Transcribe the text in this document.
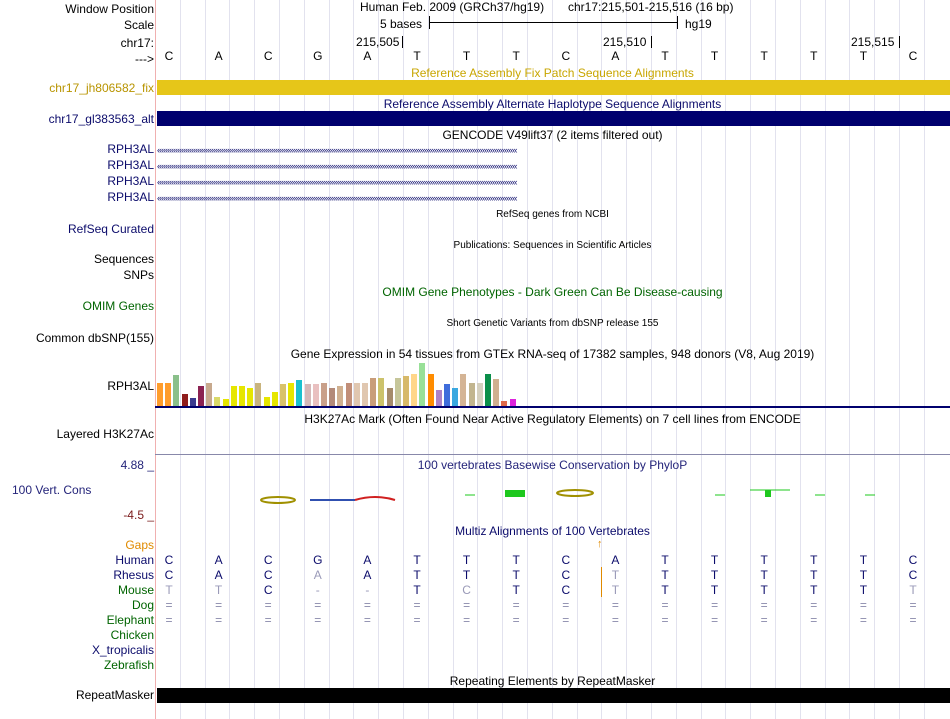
Window Position
Scale
chr17:
--->
Human Feb. 2009 (GRCh37/hg19) chr17:215,501-215,516 (16 bp)
5 bases	hg19
215,505	215,510	215,515
C	A	C	G	A	T	T	T	C	A	T	T	T	T	T	C
Reference Assembly Fix Patch Sequence Alignments
chr17_jh806582_fix
Reference Assembly Alternate Haplotype Sequence Alignments
chr17_gl383563_alt
GENCODE V49lift37 (2 items filtered out)
RPH3AL
RPH3AL
RPH3AL
RPH3AL
‹‹‹‹‹‹‹‹‹‹‹‹‹‹‹‹‹‹‹‹‹‹‹‹‹‹‹‹‹‹‹‹‹‹‹‹‹‹‹‹‹‹‹‹‹‹‹‹‹‹‹‹‹‹‹‹‹‹‹‹‹‹‹‹‹‹‹‹‹‹‹‹‹‹‹‹‹‹‹‹‹‹‹‹‹‹‹‹‹‹‹‹‹‹‹‹‹‹‹‹‹‹‹‹‹‹‹‹‹‹‹‹‹‹‹‹‹‹‹‹‹‹‹‹‹‹‹‹‹‹‹‹‹‹‹‹‹‹‹‹‹‹‹‹‹‹‹‹‹‹‹‹‹‹‹‹‹‹‹‹‹‹‹‹‹‹‹‹‹‹‹‹‹‹‹‹‹‹‹‹
‹‹‹‹‹‹‹‹‹‹‹‹‹‹‹‹‹‹‹‹‹‹‹‹‹‹‹‹‹‹‹‹‹‹‹‹‹‹‹‹‹‹‹‹‹‹‹‹‹‹‹‹‹‹‹‹‹‹‹‹‹‹‹‹‹‹‹‹‹‹‹‹‹‹‹‹‹‹‹‹‹‹‹‹‹‹‹‹‹‹‹‹‹‹‹‹‹‹‹‹‹‹‹‹‹‹‹‹‹‹‹‹‹‹‹‹‹‹‹‹‹‹‹‹‹‹‹‹‹‹‹‹‹‹‹‹‹‹‹‹‹‹‹‹‹‹‹‹‹‹‹‹‹‹‹‹‹‹‹‹‹‹‹‹‹‹‹‹‹‹‹‹‹‹‹‹‹‹‹‹
‹‹‹‹‹‹‹‹‹‹‹‹‹‹‹‹‹‹‹‹‹‹‹‹‹‹‹‹‹‹‹‹‹‹‹‹‹‹‹‹‹‹‹‹‹‹‹‹‹‹‹‹‹‹‹‹‹‹‹‹‹‹‹‹‹‹‹‹‹‹‹‹‹‹‹‹‹‹‹‹‹‹‹‹‹‹‹‹‹‹‹‹‹‹‹‹‹‹‹‹‹‹‹‹‹‹‹‹‹‹‹‹‹‹‹‹‹‹‹‹‹‹‹‹‹‹‹‹‹‹‹‹‹‹‹‹‹‹‹‹‹‹‹‹‹‹‹‹‹‹‹‹‹‹‹‹‹‹‹‹‹‹‹‹‹‹‹‹‹‹‹‹‹‹‹‹‹‹‹‹
‹‹‹‹‹‹‹‹‹‹‹‹‹‹‹‹‹‹‹‹‹‹‹‹‹‹‹‹‹‹‹‹‹‹‹‹‹‹‹‹‹‹‹‹‹‹‹‹‹‹‹‹‹‹‹‹‹‹‹‹‹‹‹‹‹‹‹‹‹‹‹‹‹‹‹‹‹‹‹‹‹‹‹‹‹‹‹‹‹‹‹‹‹‹‹‹‹‹‹‹‹‹‹‹‹‹‹‹‹‹‹‹‹‹‹‹‹‹‹‹‹‹‹‹‹‹‹‹‹‹‹‹‹‹‹‹‹‹‹‹‹‹‹‹‹‹‹‹‹‹‹‹‹‹‹‹‹‹‹‹‹‹‹‹‹‹‹‹‹‹‹‹‹‹‹‹‹‹‹‹
RefSeq genes from NCBI
RefSeq Curated
Publications: Sequences in Scientific Articles
Sequences
SNPs
OMIM Gene Phenotypes - Dark Green Can Be Disease-causing
OMIM Genes
Short Genetic Variants from dbSNP release 155
Common dbSNP(155)
Gene Expression in 54 tissues from GTEx RNA-seq of 17382 samples, 948 donors (V8, Aug 2019)
RPH3AL
H3K27Ac Mark (Often Found Near Active Regulatory Elements) on 7 cell lines from ENCODE
Layered H3K27Ac
100 vertebrates Basewise Conservation by PhyloP
4.88 _
100 Vert. Cons
-4.5 _
Multiz Alignments of 100 Vertebrates
Gaps	↑
Human C	A	C	G	A	T	T	T	C	A	T	T	T	T	T	C
Rhesus C	A	C	A	A	T	T	T	C	T	T	T	T	T	T	C
Mouse T	T	C	-	-	T	C	T	C	T	T	T	T	T	T	T
Dog =	=	=	=	=	=	=	=	=	=	=	=	=	=	=	=
Elephant =	=	=	=	=	=	=	=	=	=	=	=	=	=	=	=
Chicken
X_tropicalis
Zebrafish
Repeating Elements by RepeatMasker
RepeatMasker
